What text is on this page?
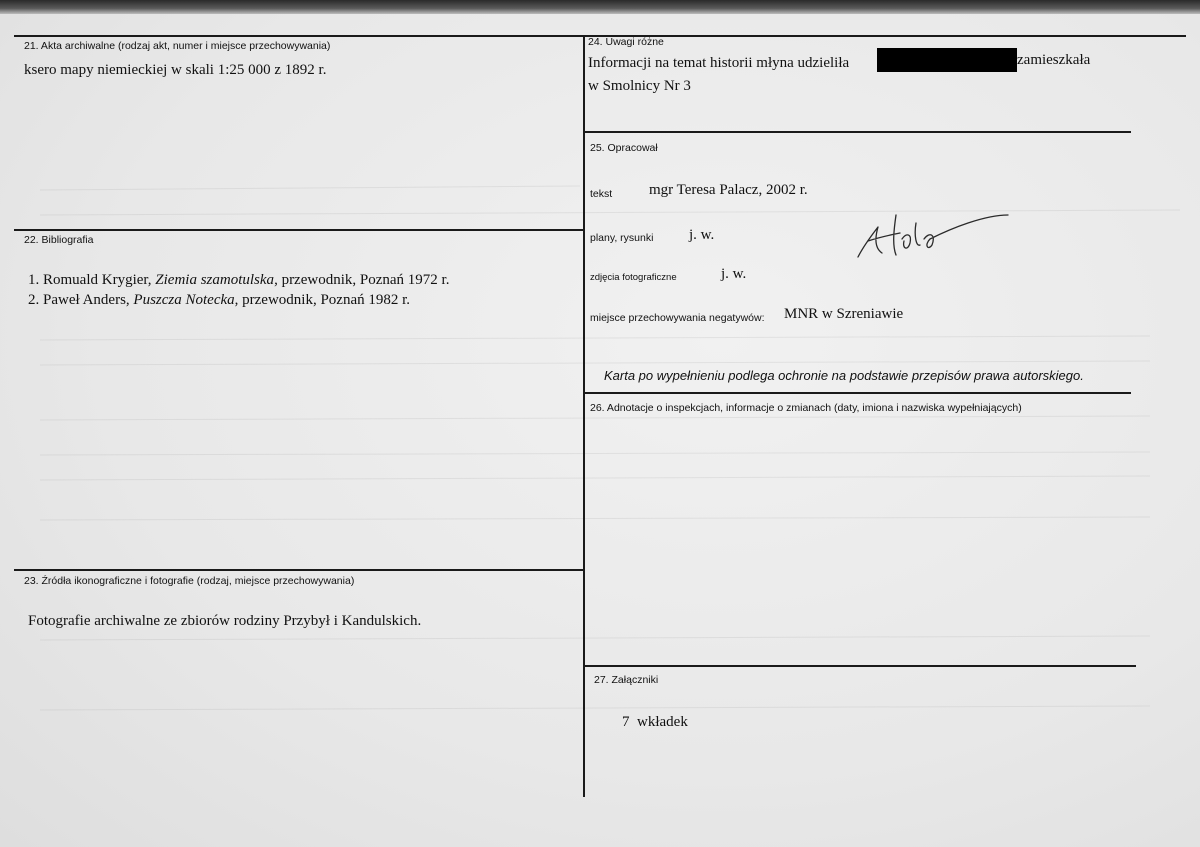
21. Akta archiwalne (rodzaj akt, numer i miejsce przechowywania)
ksero mapy niemieckiej w skali 1:25 000 z 1892 r.
22. Bibliografia
1. Romuald Krygier, Ziemia szamotulska, przewodnik, Poznań 1972 r.
2. Paweł Anders, Puszcza Notecka, przewodnik, Poznań 1982 r.
23. Źródła ikonograficzne i fotografie (rodzaj, miejsce przechowywania)
Fotografie archiwalne ze zbiorów rodziny Przybył i Kandulskich.
24. Uwagi różne
Informacji na temat historii młyna udzieliła	zamieszkała
w Smolnicy Nr 3
25. Opracował
tekst mgr Teresa Palacz, 2002 r.
plany, rysunki j. w.
zdjęcia fotograficzne	j. w.
miejsce przechowywania negatywów: MNR w Szreniawie
Karta po wypełnieniu podlega ochronie na podstawie przepisów prawa autorskiego.
26. Adnotacje o inspekcjach, informacje o zmianach (daty, imiona i nazwiska wypełniających)
27. Załączniki
7  wkładek
